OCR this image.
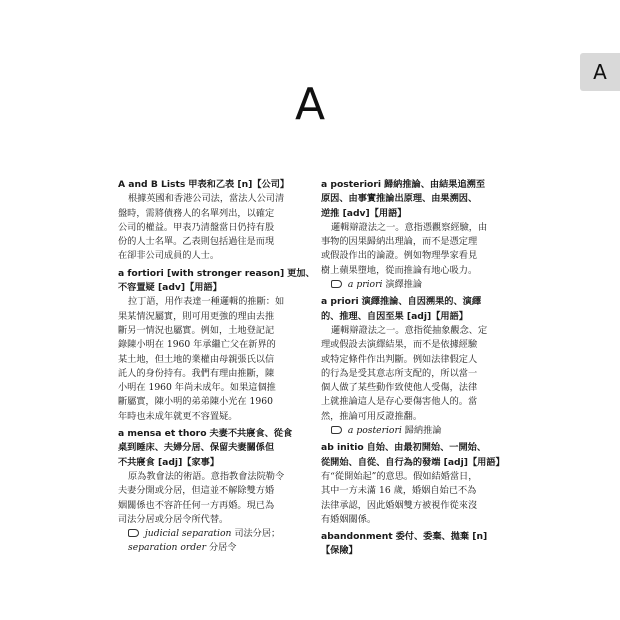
A
A

A and B Lists 甲表和乙表 [n]【公司】

根據英國和香港公司法，當法人公司清

盤時，需將債務人的名單列出，以確定

公司的權益。甲表乃清盤當日仍持有股

份的人士名單。乙表則包括過往是而現

在卻非公司成員的人士。

a fortiori [with stronger reason] 更加、

不容置疑 [adv]【用語】

拉丁語，用作表達一種邏輯的推斷：如

果某情況屬實，則可用更強的理由去推

斷另一情況也屬實。例如，土地登記記

錄陳小明在 1960 年承繼亡父在新界的

某土地，但土地的業權由母親張氏以信

託人的身份持有。我們有理由推斷，陳

小明在 1960 年尚未成年。如果這個推

斷屬實，陳小明的弟弟陳小光在 1960

年時也未成年就更不容置疑。

a mensa et thoro 夫妻不共寢食、從食

桌到睡床、夫婦分居、保留夫妻關係但

不共寢食 [adj]【家事】

原為教會法的術語。意指教會法院勒令

夫妻分開或分居，但這並不解除雙方婚

姻關係也不容許任何一方再婚。現已為

司法分居或分居令所代替。

judicial separation 司法分居；

separation order 分居令

a posteriori 歸納推論、由結果追溯至

原因、由事實推論出原理、由果溯因、

逆推 [adv]【用語】

邏輯辯證法之一。意指憑觀察經驗，由

事物的因果歸納出理論，而不是憑定理

或假設作出的論證。例如物理學家看見

樹上蘋果墮地，從而推論有地心吸力。

a priori 演繹推論

a priori 演繹推論、自因溯果的、演繹

的、推理、自因至果 [adj]【用語】

邏輯辯證法之一。意指從抽象觀念、定

理或假設去演繹結果，而不是依據經驗

或特定條件作出判斷。例如法律假定人

的行為是受其意志所支配的，所以當一

個人做了某些動作致使他人受傷，法律

上就推論這人是存心要傷害他人的。當

然，推論可用反證推翻。

a posteriori 歸納推論

ab initio 自始、由最初開始、一開始、

從開始、自從、自行為的發端 [adj]【用語】

有“從開始起”的意思。假如結婚當日，

其中一方未滿 16 歲，婚姻自始已不為

法律承認，因此婚姻雙方被視作從來沒

有婚姻關係。

abandonment 委付、委棄、拋棄 [n]

【保險】
